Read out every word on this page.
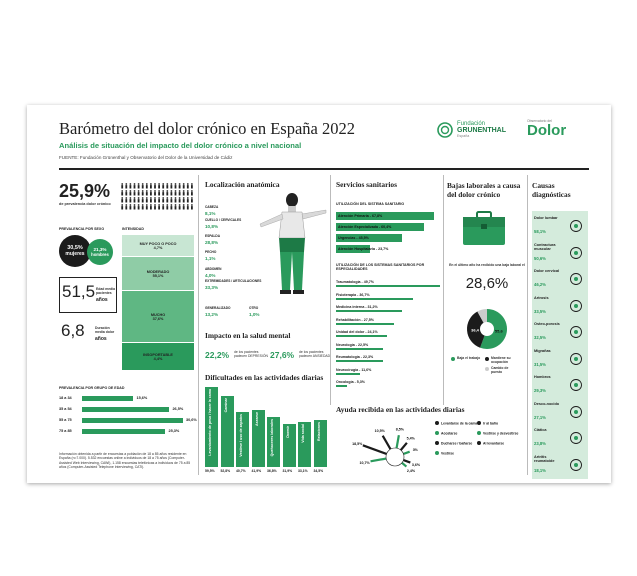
Barómetro del dolor crónico en España 2022
Análisis de situación del impacto del dolor crónico a nivel nacional
FUENTE: Fundación Grünenthal y Observatorio del Dolor de la Universidad de Cádiz
Fundación
GRUNENTHAL
España
Observatorio del
Dolor
25,9%
de prevalencia dolor crónico
PREVALENCIA POR SEXO
30,5%
mujeres
21,3%
hombres
INTENSIDAD
MUY POCO O POCO
4,7%
MODERADO
55,1%
MUCHO
37,6%
INSOPORTABLE
4,4%
51,5 Edad media pacientes
años
6,8	Duración media dolor
años
PREVALENCIA POR GRUPO DE EDAD
18 a 34	15,6%
35 a 54	26,5%
55 a 75	30,6%
75 a 85	25,3%
Información obtenida a partir de encuestas a población de 18 a 85 años residente en España (n=7.000). 5.532 encuestas online a individuos de 18 a 75 años (Computer-Assisted Web Interviewing, CAWI), 1.158 encuestas telefónicas a individuos de 75 a 85 años (Computer-Assisted Telephone Interviewing, CATI).
Localización anatómica
CABEZA
8,1%
CUELLO / CERVICALES
10,8%
ESPALDA
28,8%
PECHO
1,1%
ABDOMEN
4,0%
EXTREMIDADES / ARTICULACIONES
33,3%
GENERALIZADO
13,2%
OTRO
1,0%
Impacto en la salud mental
22,2% de los pacientes padecen DEPRESIÓN 27,6% de los pacientes padecen ANSIEDAD
Dificultades en las actividades diarias
Levantamiento de peso / hacer la cama
59,5%
Caminar
52,8%
Vestirse / uso de zapatos
40,7%
Asearse
41,9%
Quehaceres laborales
36,8%
Dormir
31,9%
Vida social
33,1%
Relaciones
34,5%
Servicios sanitarios
UTILIZACIÓN DEL SISTEMA SANITARIO
Atención Primaria - 67,8%
Atención Especializada - 60,4%
Urgencias - 45,5%
Atención Hospitalaria - 23,7%
UTILIZACIÓN DE LOS SISTEMAS SANITARIOS POR ESPECIALIDADES
Traumatología - 49,7%
Fisioterapia - 36,7%
Medicina interna - 31,2%
Rehabilitación - 27,5%
Unidad del dolor - 24,1%
Neurología - 22,5%
Reumatología - 22,3%
Neurocirugía - 11,6%
Oncología - 5,3%
Bajas laborales a causa del dolor crónico
En el último año ha recibido una baja laboral el
28,6%
55,6
36,4
Baja el trabajo	Mantiene su ocupación
Cambio de puesto
Ayuda recibida en las actividades diarias
10,5%	8,5%
5,4%
3%
18,5%
10,7%
3,6%
2,4%
Levantarse de la cama
Acostarse
Ducharse / bañarse
Vestirse
Ir al baño
Vestirse y desvestirse
Al levantarse
Causas diagnósticas
Dolor lumbar
58,1%
Contractura muscular
50,6%
Dolor cervical
46,2%
Artrosis
33,5%
Osteo-porosis
32,5%
Migrañas
31,5%
Hombros
29,3%
Desco-nocido
27,1%
Ciática
23,8%
Artritis reumatoide
18,1%
